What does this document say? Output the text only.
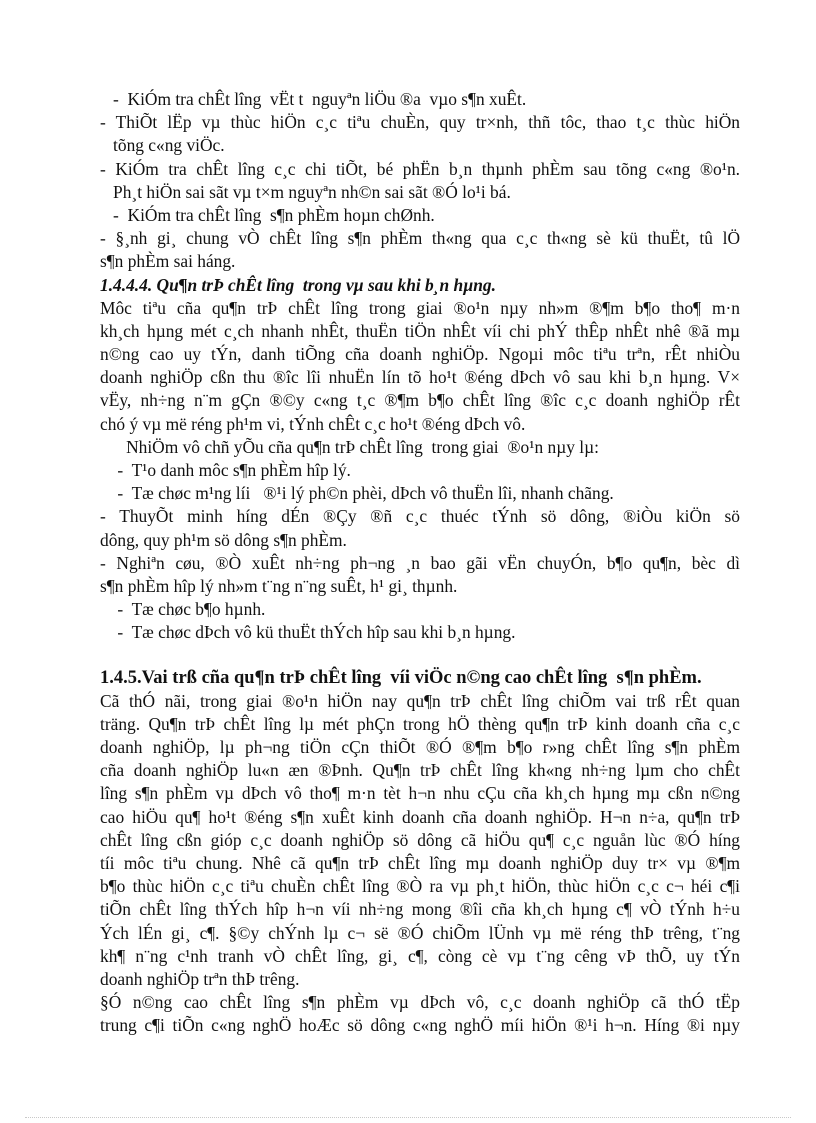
-  KiÓm tra chÊt lîng  vËt t  nguyªn liÖu ®a  vµo s¶n xuÊt.
- ThiÕt lËp vµ thùc hiÖn c¸c tiªu chuÈn, quy tr×nh, thñ tôc, thao t¸c thùc hiÖn
tõng c«ng viÖc.
- KiÓm tra chÊt lîng c¸c chi tiÕt, bé phËn b¸n thµnh phÈm sau tõng c«ng ®o¹n.
Ph¸t hiÖn sai sãt vµ t×m nguyªn nh©n sai sãt ®Ó lo¹i bá.
-  KiÓm tra chÊt lîng  s¶n phÈm hoµn chØnh.
- §¸nh gi¸ chung vÒ chÊt lîng s¶n phÈm th«ng qua c¸c th«ng sè kü thuËt, tû lÖ
s¶n phÈm sai háng.
1.4.4.4. Qu¶n trÞ chÊt lîng  trong vµ sau khi b¸n hµng.
Môc tiªu cña qu¶n trÞ chÊt lîng trong giai ®o¹n nµy nh»m ®¶m b¶o tho¶ m·n
kh¸ch hµng mét c¸ch nhanh nhÊt, thuËn tiÖn nhÊt víi chi phÝ thÊp nhÊt nhê ®ã mµ
n©ng cao uy tÝn, danh tiÕng cña doanh nghiÖp. Ngoµi môc tiªu trªn, rÊt nhiÒu
doanh nghiÖp cßn thu ®îc lîi nhuËn lín tõ ho¹t ®éng dÞch vô sau khi b¸n hµng. V×
vËy, nh÷ng n¨m gÇn ®©y c«ng t¸c ®¶m b¶o chÊt lîng ®îc c¸c doanh nghiÖp rÊt
chó ý vµ më réng ph¹m vi, tÝnh chÊt c¸c ho¹t ®éng dÞch vô.
NhiÖm vô chñ yÕu cña qu¶n trÞ chÊt lîng  trong giai  ®o¹n nµy lµ:
-  T¹o danh môc s¶n phÈm hîp lý.
-  Tæ chøc m¹ng líi   ®¹i lý ph©n phèi, dÞch vô thuËn lîi, nhanh chãng.
- ThuyÕt minh híng dÉn ®Çy ®ñ c¸c thuéc tÝnh sö dông, ®iÒu kiÖn sö
dông, quy ph¹m sö dông s¶n phÈm.
- Nghiªn cøu, ®Ò xuÊt nh÷ng ph¬ng ¸n bao gãi vËn chuyÓn, b¶o qu¶n, bèc dì
s¶n phÈm hîp lý nh»m t¨ng n¨ng suÊt, h¹ gi¸ thµnh.
-  Tæ chøc b¶o hµnh.
-  Tæ chøc dÞch vô kü thuËt thÝch hîp sau khi b¸n hµng.
1.4.5.Vai trß cña qu¶n trÞ chÊt lîng  víi viÖc n©ng cao chÊt lîng  s¶n phÈm.
Cã thÓ nãi, trong giai ®o¹n hiÖn nay qu¶n trÞ chÊt lîng chiÕm vai trß rÊt quan
träng. Qu¶n trÞ chÊt lîng lµ mét phÇn trong hÖ thèng qu¶n trÞ kinh doanh cña c¸c
doanh nghiÖp, lµ ph¬ng tiÖn cÇn thiÕt ®Ó ®¶m b¶o r»ng chÊt lîng s¶n phÈm
cña doanh nghiÖp lu«n æn ®Þnh. Qu¶n trÞ chÊt lîng kh«ng nh÷ng lµm cho chÊt
lîng s¶n phÈm vµ dÞch vô tho¶ m·n tèt h¬n nhu cÇu cña kh¸ch hµng mµ cßn n©ng
cao hiÖu qu¶ ho¹t ®éng s¶n xuÊt kinh doanh cña doanh nghiÖp. H¬n n÷a, qu¶n trÞ
chÊt lîng cßn gióp c¸c doanh nghiÖp sö dông cã hiÖu qu¶ c¸c nguån lùc ®Ó híng
tíi môc tiªu chung. Nhê cã qu¶n trÞ chÊt lîng mµ doanh nghiÖp duy tr× vµ ®¶m
b¶o thùc hiÖn c¸c tiªu chuÈn chÊt lîng ®Ò ra vµ ph¸t hiÖn, thùc hiÖn c¸c c¬ héi c¶i
tiÕn chÊt lîng thÝch hîp h¬n víi nh÷ng mong ®îi cña kh¸ch hµng c¶ vÒ tÝnh h÷u
Ých lÉn gi¸ c¶. §©y chÝnh lµ c¬ së ®Ó chiÕm lÜnh vµ më réng thÞ trêng, t¨ng
kh¶ n¨ng c¹nh tranh vÒ chÊt lîng, gi¸ c¶, còng cè vµ t¨ng cêng vÞ thÕ, uy tÝn
doanh nghiÖp trªn thÞ trêng.
§Ó n©ng cao chÊt lîng s¶n phÈm vµ dÞch vô, c¸c doanh nghiÖp cã thÓ tËp
trung c¶i tiÕn c«ng nghÖ hoÆc sö dông c«ng nghÖ míi hiÖn ®¹i h¬n. Híng ®i nµy
